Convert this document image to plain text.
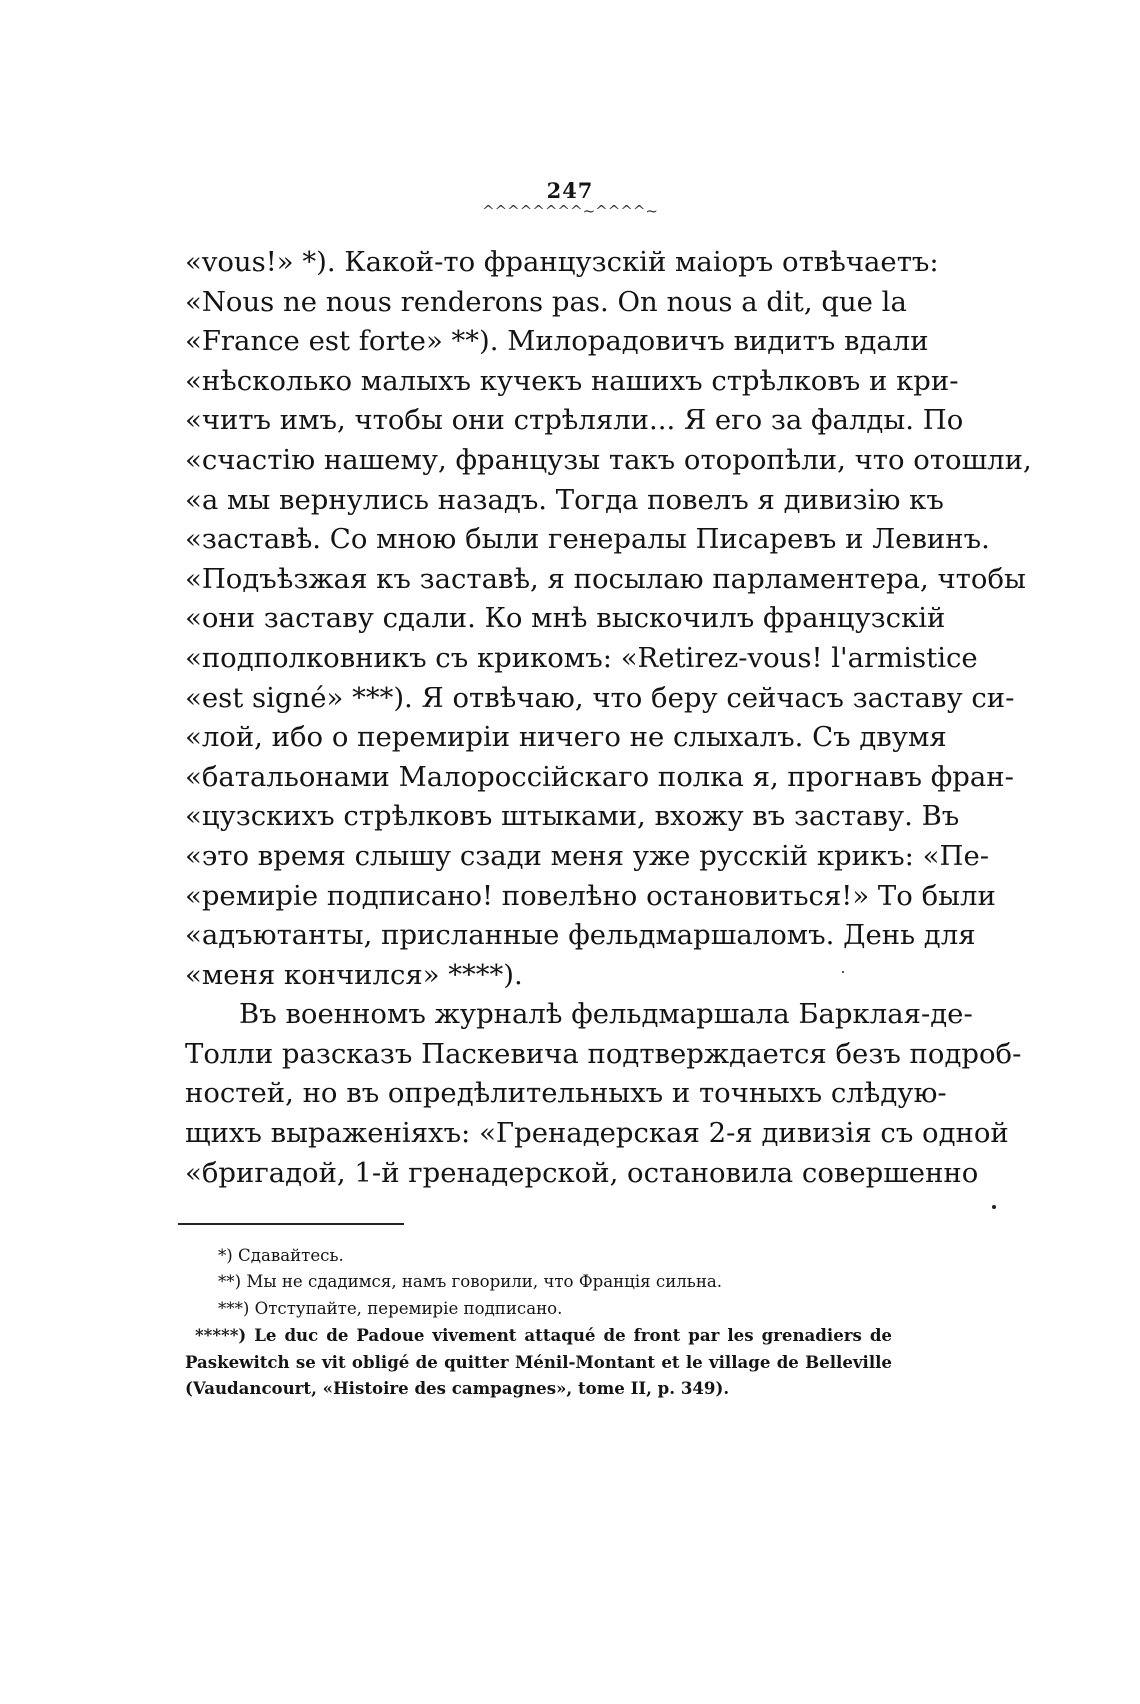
247
^^^^^^^^~^^^^~
«vous!» *). Какой-то французскій маіоръ отвѣчаетъ:
«Nous ne nous renderons pas. On nous a dit, que la
«France est forte» **). Милорадовичъ видитъ вдали
«нѣсколько малыхъ кучекъ нашихъ стрѣлковъ и кри-
«читъ имъ, чтобы они стрѣляли... Я его за фалды. По
«счастію нашему, французы такъ оторопѣли, что отошли,
«а мы вернулись назадъ. Тогда повелъ я дивизію къ
«заставѣ. Со мною были генералы Писаревъ и Левинъ.
«Подъѣзжая къ заставѣ, я посылаю парламентера, чтобы
«они заставу сдали. Ко мнѣ выскочилъ французскій
«подполковникъ съ крикомъ: «Retirez-vous! l'armistice
«est signé» ***). Я отвѣчаю, что беру сейчасъ заставу си-
«лой, ибо о перемиріи ничего не слыхалъ. Съ двумя
«батальонами Малороссійскаго полка я, прогнавъ фран-
«цузскихъ стрѣлковъ штыками, вхожу въ заставу. Въ
«это время слышу сзади меня уже русскій крикъ: «Пе-
«ремиріе подписано! повелѣно остановиться!» То были
«адъютанты, присланные фельдмаршаломъ. День для
«меня кончился» ****).
Въ военномъ журналѣ фельдмаршала Барклая-де-
Толли разсказъ Паскевича подтверждается безъ подроб-
ностей, но въ опредѣлительныхъ и точныхъ слѣдую-
щихъ выраженіяхъ: «Гренадерская 2-я дивизія съ одной
«бригадой, 1-й гренадерской, остановила совершенно
*) Сдавайтесь.
**) Мы не сдадимся, намъ говорили, что Франція сильна.
***) Отступайте, перемиріе подписано.
*****) Le duc de Padoue vivement attaqué de front par les grenadiers de
Paskewitch se vit obligé de quitter Ménil-Montant et le village de Belleville
(Vaudancourt, «Histoire des campagnes», tome II, p. 349).
